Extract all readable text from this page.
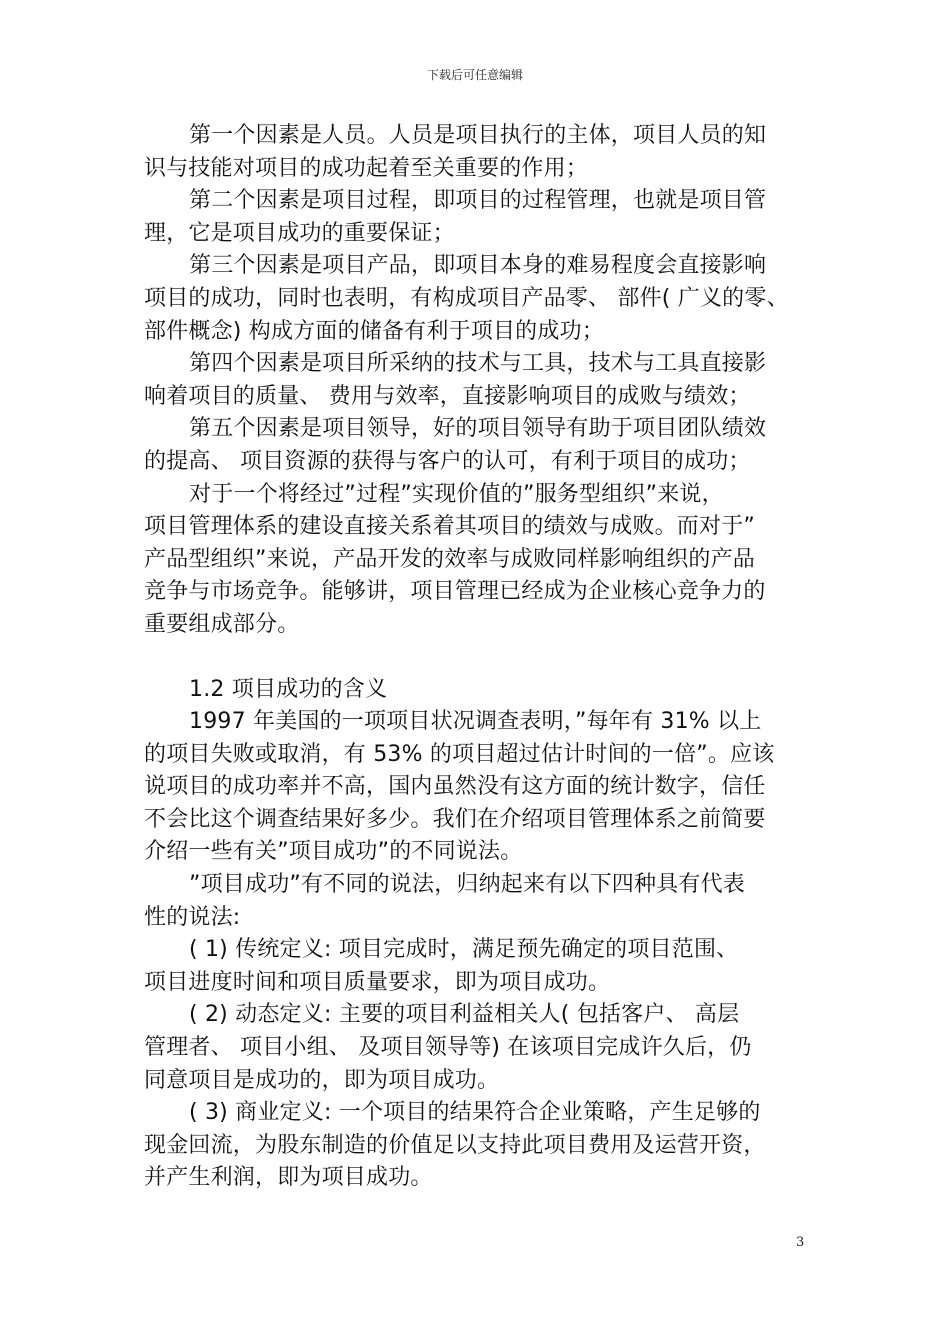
下载后可任意编辑
第一个因素是人员。人员是项目执行的主体，项目人员的知
识与技能对项目的成功起着至关重要的作用；
第二个因素是项目过程，即项目的过程管理，也就是项目管
理，它是项目成功的重要保证；
第三个因素是项目产品，即项目本身的难易程度会直接影响
项目的成功，同时也表明，有构成项目产品零、 部件( 广义的零、
部件概念) 构成方面的储备有利于项目的成功；
第四个因素是项目所采纳的技术与工具，技术与工具直接影
响着项目的质量、 费用与效率，直接影响项目的成败与绩效；
第五个因素是项目领导，好的项目领导有助于项目团队绩效
的提高、 项目资源的获得与客户的认可，有利于项目的成功；
对于一个将经过”过程”实现价值的”服务型组织”来说，
项目管理体系的建设直接关系着其项目的绩效与成败。而对于”
产品型组织”来说，产品开发的效率与成败同样影响组织的产品
竞争与市场竞争。能够讲，项目管理已经成为企业核心竞争力的
重要组成部分。
1.2 项目成功的含义
1997 年美国的一项项目状况调查表明，”每年有 31% 以上
的项目失败或取消，有 53% 的项目超过估计时间的一倍”。应该
说项目的成功率并不高，国内虽然没有这方面的统计数字，信任
不会比这个调查结果好多少。我们在介绍项目管理体系之前简要
介绍一些有关”项目成功”的不同说法。
”项目成功”有不同的说法，归纳起来有以下四种具有代表
性的说法:
( 1) 传统定义: 项目完成时，满足预先确定的项目范围、
项目进度时间和项目质量要求，即为项目成功。
( 2) 动态定义: 主要的项目利益相关人( 包括客户、 高层
管理者、 项目小组、 及项目领导等) 在该项目完成许久后，仍
同意项目是成功的，即为项目成功。
( 3) 商业定义: 一个项目的结果符合企业策略，产生足够的
现金回流，为股东制造的价值足以支持此项目费用及运营开资，
并产生利润，即为项目成功。
3
